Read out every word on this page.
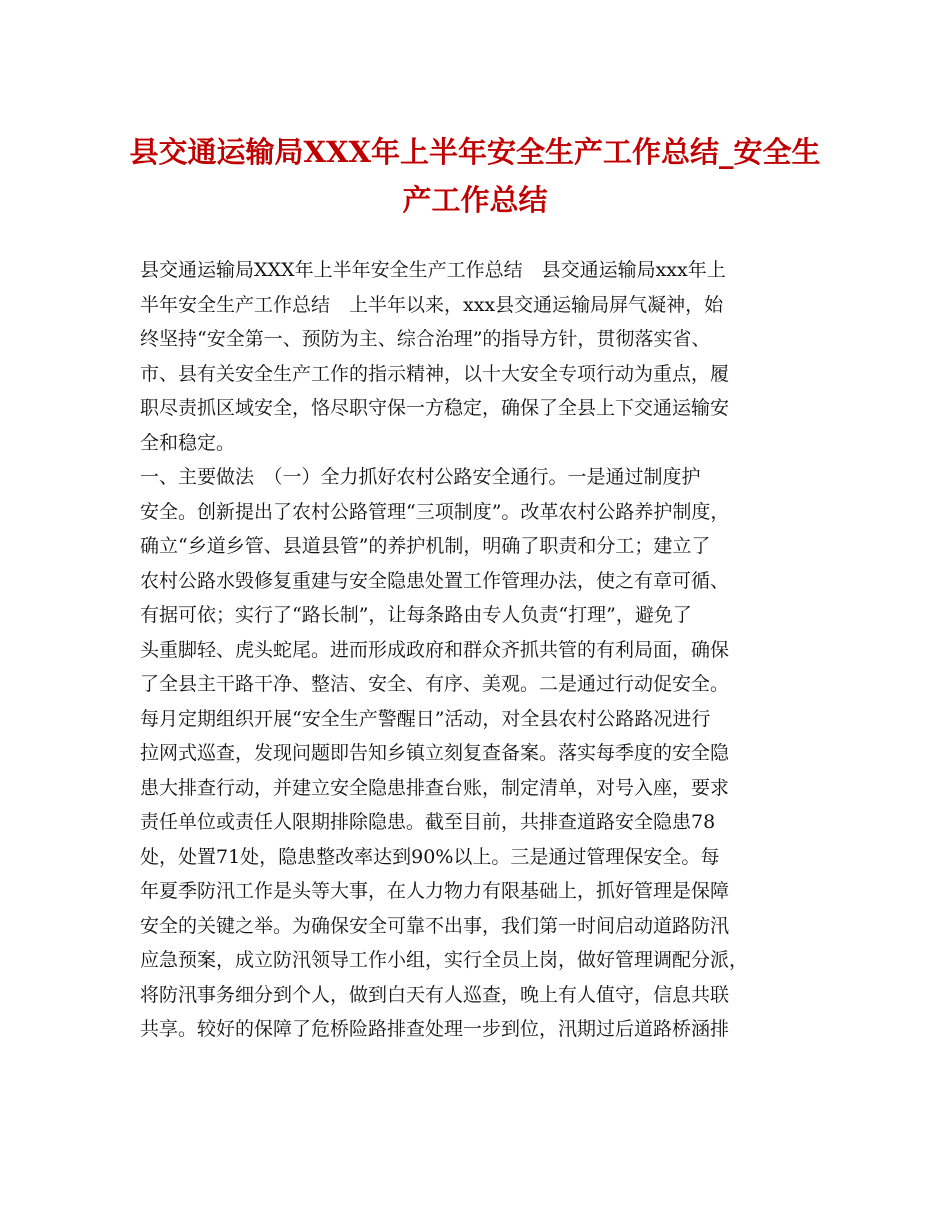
县交通运输局XXX年上半年安全生产工作总结_安全生
产工作总结
县交通运输局XXX年上半年安全生产工作总结　县交通运输局xxx年上
半年安全生产工作总结　上半年以来，xxx县交通运输局屏气凝神，始
终坚持“安全第一、预防为主、综合治理”的指导方针，贯彻落实省、
市、县有关安全生产工作的指示精神，以十大安全专项行动为重点，履
职尽责抓区域安全，恪尽职守保一方稳定，确保了全县上下交通运输安
全和稳定。
一、主要做法　（一）全力抓好农村公路安全通行。一是通过制度护
安全。创新提出了农村公路管理“三项制度”。改革农村公路养护制度，
确立“乡道乡管、县道县管”的养护机制，明确了职责和分工；建立了
农村公路水毁修复重建与安全隐患处置工作管理办法，使之有章可循、
有据可依；实行了“路长制”，让每条路由专人负责“打理”，避免了
头重脚轻、虎头蛇尾。进而形成政府和群众齐抓共管的有利局面，确保
了全县主干路干净、整洁、安全、有序、美观。二是通过行动促安全。
每月定期组织开展“安全生产警醒日”活动，对全县农村公路路况进行
拉网式巡查，发现问题即告知乡镇立刻复查备案。落实每季度的安全隐
患大排查行动，并建立安全隐患排查台账，制定清单，对号入座，要求
责任单位或责任人限期排除隐患。截至目前，共排查道路安全隐患78
处，处置71处，隐患整改率达到90%以上。三是通过管理保安全。每
年夏季防汛工作是头等大事，在人力物力有限基础上，抓好管理是保障
安全的关键之举。为确保安全可靠不出事，我们第一时间启动道路防汛
应急预案，成立防汛领导工作小组，实行全员上岗，做好管理调配分派，
将防汛事务细分到个人，做到白天有人巡查，晚上有人值守，信息共联
共享。较好的保障了危桥险路排查处理一步到位，汛期过后道路桥涵排
